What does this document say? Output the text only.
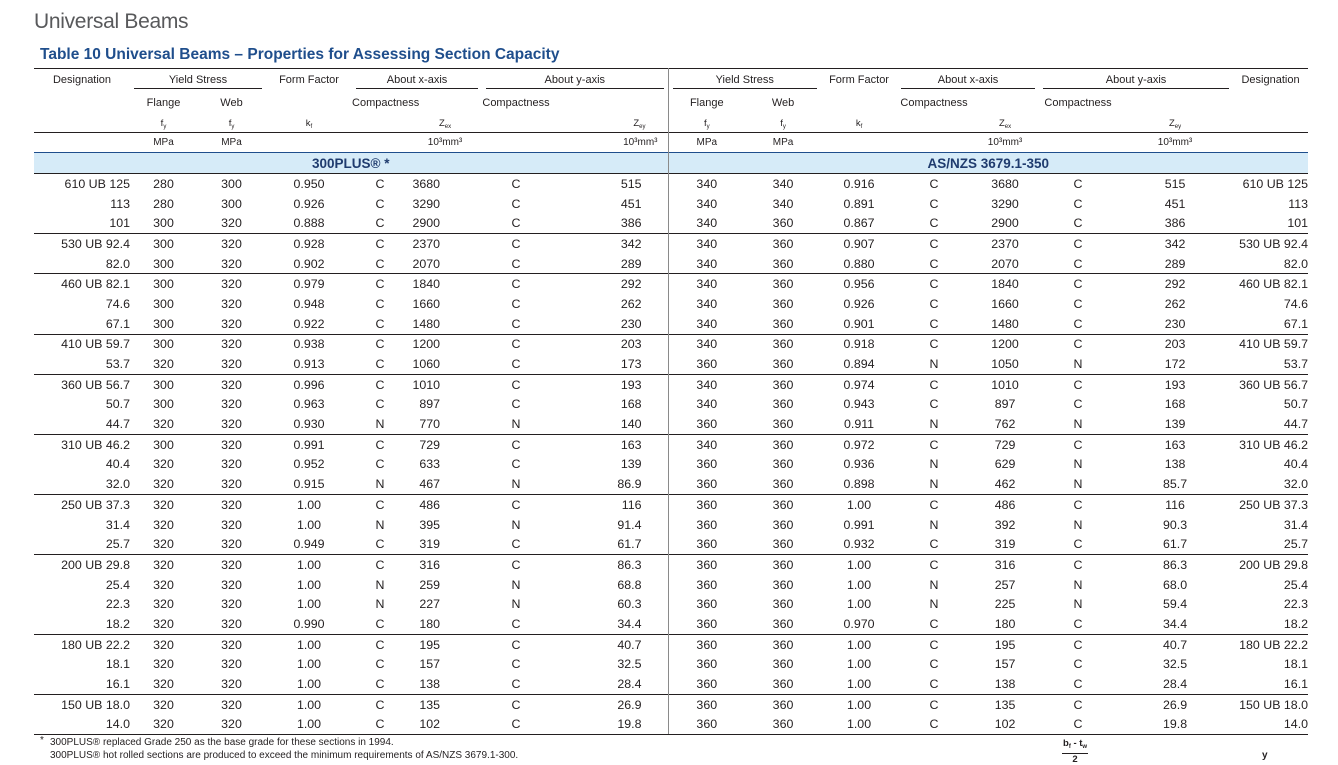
Universal Beams
Table 10 Universal Beams – Properties for Assessing Section Capacity
Designation	Yield Stress		Form Factor	About x-axis		About y-axis		Yield Stress		Form Factor	About x-axis		About y-axis		Designation
	Flange	Web		Compactness		Compactness		Flange	Web		Compactness		Compactness		
	$f_y$	$f_y$	$k_f$		$Z_{ex}$		$Z_{ey}$	$f_y$	$f_y$	$k_f$		$Z_{ex}$		$Z_{ey}$	
	MPa	MPa			10³mm³		10³mm³	MPa	MPa			10³mm³		10³mm³	
300PLUS® *								AS/NZS 3679.1-350							
610 UB 125	280	300	0.950	C	3680	C	515	340	340	0.916	C	3680	C	515	610 UB 125
113	280	300	0.926	C	3290	C	451	340	340	0.891	C	3290	C	451	113
101	300	320	0.888	C	2900	C	386	340	360	0.867	C	2900	C	386	101
530 UB 92.4	300	320	0.928	C	2370	C	342	340	360	0.907	C	2370	C	342	530 UB 92.4
82.0	300	320	0.902	C	2070	C	289	340	360	0.880	C	2070	C	289	82.0
460 UB 82.1	300	320	0.979	C	1840	C	292	340	360	0.956	C	1840	C	292	460 UB 82.1
74.6	300	320	0.948	C	1660	C	262	340	360	0.926	C	1660	C	262	74.6
67.1	300	320	0.922	C	1480	C	230	340	360	0.901	C	1480	C	230	67.1
410 UB 59.7	300	320	0.938	C	1200	C	203	340	360	0.918	C	1200	C	203	410 UB 59.7
53.7	320	320	0.913	C	1060	C	173	360	360	0.894	N	1050	N	172	53.7
360 UB 56.7	300	320	0.996	C	1010	C	193	340	360	0.974	C	1010	C	193	360 UB 56.7
50.7	300	320	0.963	C	897	C	168	340	360	0.943	C	897	C	168	50.7
44.7	320	320	0.930	N	770	N	140	360	360	0.911	N	762	N	139	44.7
310 UB 46.2	300	320	0.991	C	729	C	163	340	360	0.972	C	729	C	163	310 UB 46.2
40.4	320	320	0.952	C	633	C	139	360	360	0.936	N	629	N	138	40.4
32.0	320	320	0.915	N	467	N	86.9	360	360	0.898	N	462	N	85.7	32.0
250 UB 37.3	320	320	1.00	C	486	C	116	360	360	1.00	C	486	C	116	250 UB 37.3
31.4	320	320	1.00	N	395	N	91.4	360	360	0.991	N	392	N	90.3	31.4
25.7	320	320	0.949	C	319	C	61.7	360	360	0.932	C	319	C	61.7	25.7
200 UB 29.8	320	320	1.00	C	316	C	86.3	360	360	1.00	C	316	C	86.3	200 UB 29.8
25.4	320	320	1.00	N	259	N	68.8	360	360	1.00	N	257	N	68.0	25.4
22.3	320	320	1.00	N	227	N	60.3	360	360	1.00	N	225	N	59.4	22.3
18.2	320	320	0.990	C	180	C	34.4	360	360	0.970	C	180	C	34.4	18.2
180 UB 22.2	320	320	1.00	C	195	C	40.7	360	360	1.00	C	195	C	40.7	180 UB 22.2
18.1	320	320	1.00	C	157	C	32.5	360	360	1.00	C	157	C	32.5	18.1
16.1	320	320	1.00	C	138	C	28.4	360	360	1.00	C	138	C	28.4	16.1
150 UB 18.0	320	320	1.00	C	135	C	26.9	360	360	1.00	C	135	C	26.9	150 UB 18.0
14.0	320	320	1.00	C	102	C	19.8	360	360	1.00	C	102	C	19.8	14.0
* 300PLUS® replaced Grade 250 as the base grade for these sections in 1994.
300PLUS® hot rolled sections are produced to exceed the minimum requirements of AS/NZS 3679.1-300.	$\frac{b_f - t_w}{2}$	y
